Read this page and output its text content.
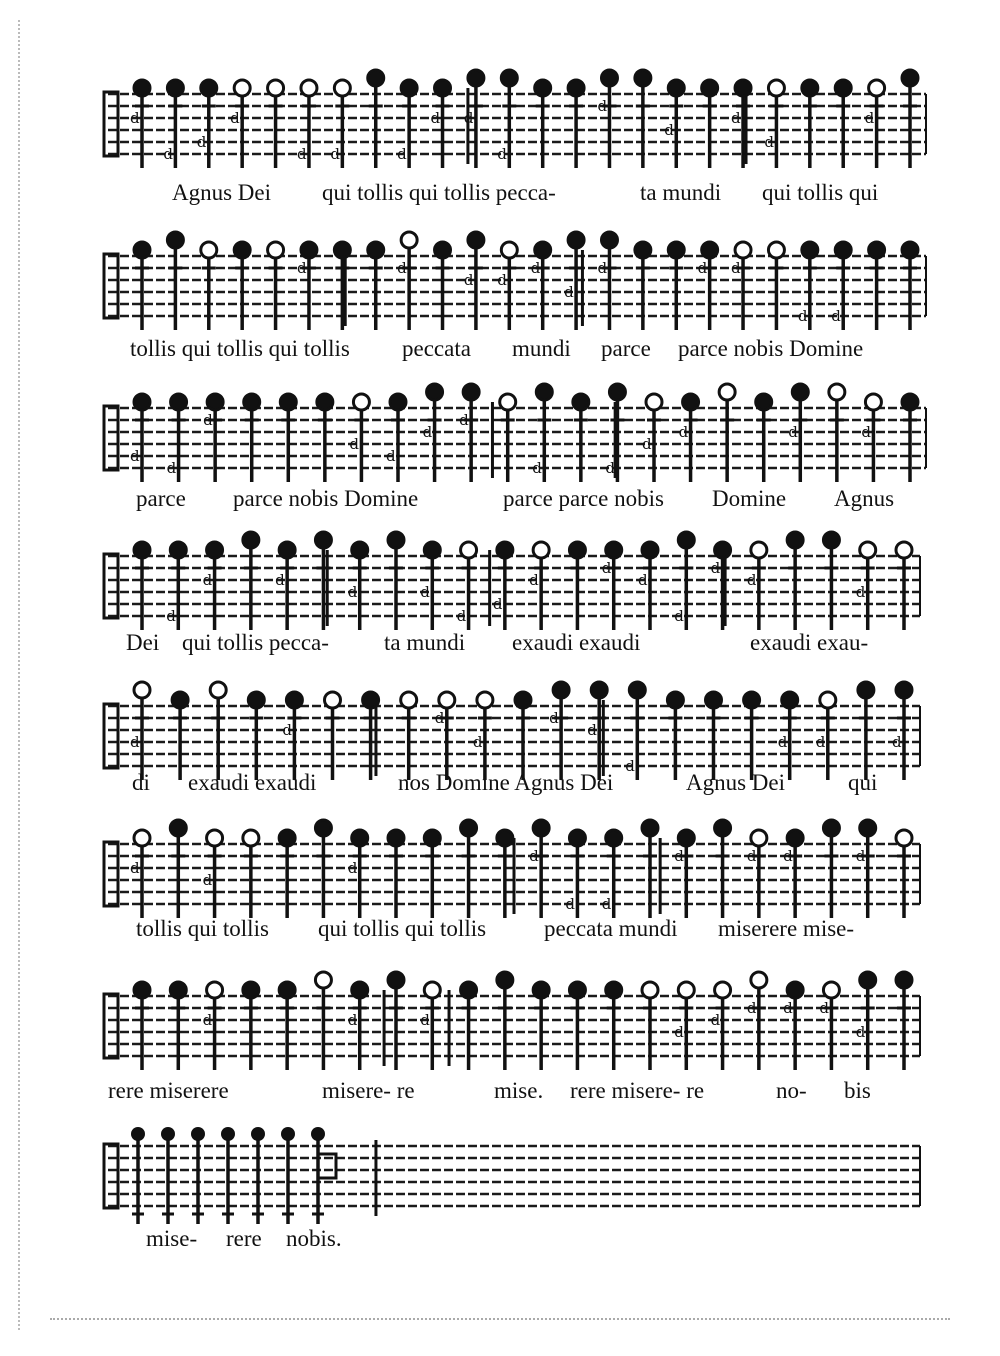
d
d
d
d
d d	d
d d
d
d
d
d
d
d
d	d
d d
d
d
d	d d
d d
d
d
d
d
d
d
d
d	d
d
d	d	d
d
d	d
d	d
d
d
d
d
d
d
d
d
d
d
d
d
d
d
d
d
d d	d
d
d
d
d
d d
d	d d	d
d	d	d
d
d
d d d
d
Agnus Dei qui tollis qui tollis pecca-	ta mundi qui tollis qui
tollis qui tollis qui tollis peccata mundi parce parce nobis Domine
parce parce nobis Domine	parce parce nobis Domine Agnus
Dei qui tollis pecca- ta mundi exaudi exaudi	exaudi exau-
di exaudi exaudi	nos Domine Agnus Dei	Agnus Dei	qui
tollis qui tollis qui tollis qui tollis	peccata mundi miserere mise-
rere miserere	misere- re	mise. rere misere- re	no- bis
mise- rere nobis.
